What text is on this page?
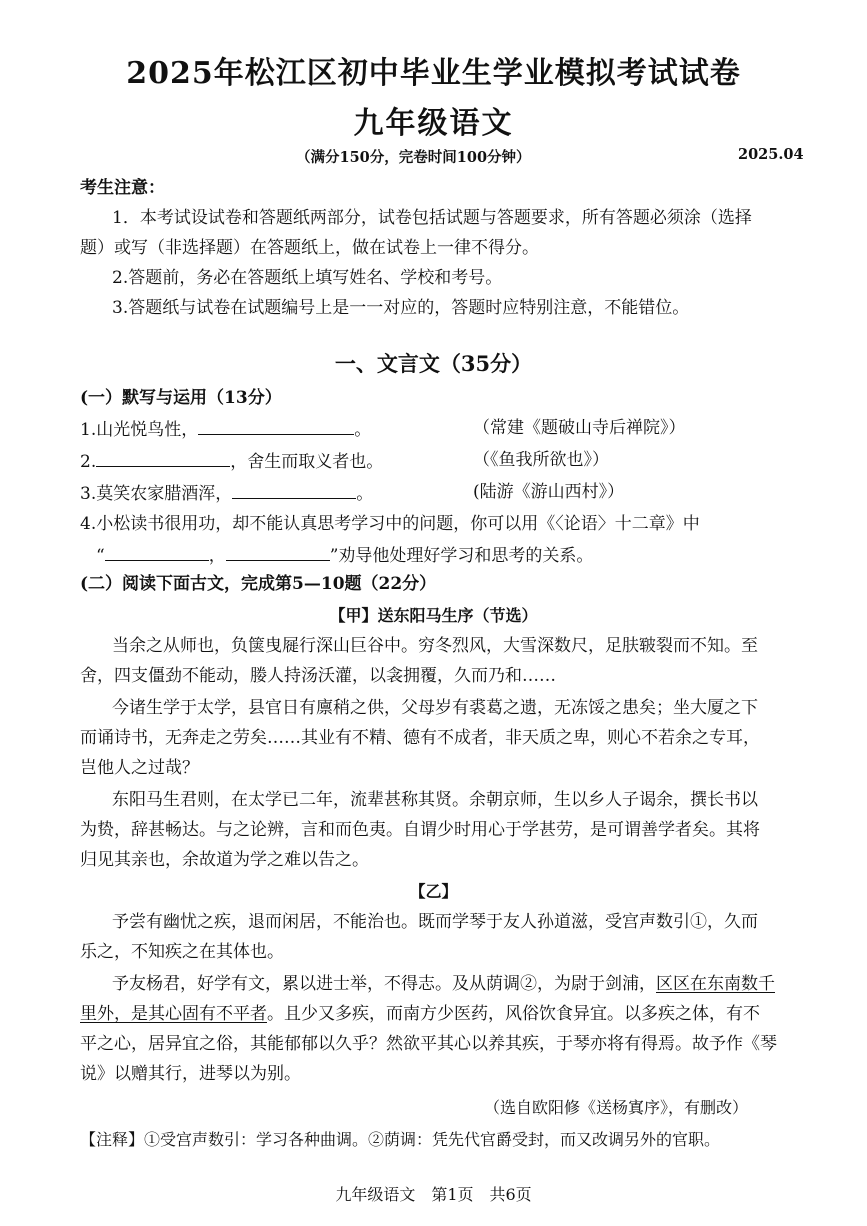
2025年松江区初中毕业生学业模拟考试试卷
九年级语文
（满分150分，完卷时间100分钟）	2025.04
考生注意：
1．本考试设试卷和答题纸两部分，试卷包括试题与答题要求，所有答题必须涂（选择
题）或写（非选择题）在答题纸上，做在试卷上一律不得分。
2.答题前，务必在答题纸上填写姓名、学校和考号。
3.答题纸与试卷在试题编号上是一一对应的，答题时应特别注意，不能错位。
一、文言文（35分）
(一）默写与运用（13分）
1.山光悦鸟性，	。	（常建《题破山寺后禅院》）
2.	，舍生而取义者也。	（《鱼我所欲也》）
3.莫笑农家腊酒浑，	。	(陆游《游山西村》）
4.小松读书很用功，却不能认真思考学习中的问题，你可以用《〈论语〉十二章》中
“	，	”劝导他处理好学习和思考的关系。
(二）阅读下面古文，完成第5—10题（22分）
【甲】送东阳马生序（节选）
当余之从师也，负箧曳屣行深山巨谷中。穷冬烈风，大雪深数尺，足肤皲裂而不知。至
舍，四支僵劲不能动，媵人持汤沃灌，以衾拥覆，久而乃和……
今诸生学于太学，县官日有廪稍之供，父母岁有裘葛之遗，无冻馁之患矣；坐大厦之下
而诵诗书，无奔走之劳矣……其业有不精、德有不成者，非天质之卑，则心不若余之专耳，
岂他人之过哉？
东阳马生君则，在太学已二年，流辈甚称其贤。余朝京师，生以乡人子谒余，撰长书以
为贽，辞甚畅达。与之论辨，言和而色夷。自谓少时用心于学甚劳，是可谓善学者矣。其将
归见其亲也，余故道为学之难以告之。
【乙】
予尝有幽忧之疾，退而闲居，不能治也。既而学琴于友人孙道滋，受宫声数引①，久而
乐之，不知疾之在其体也。
予友杨君，好学有文，累以进士举，不得志。及从荫调②，为尉于剑浦，区区在东南数千
里外，是其心固有不平者。且少又多疾，而南方少医药，风俗饮食异宜。以多疾之体，有不
平之心，居异宜之俗，其能郁郁以久乎？然欲平其心以养其疾，于琴亦将有得焉。故予作《琴
说》以赠其行，进琴以为别。
（选自欧阳修《送杨寘序》，有删改）
【注释】①受宫声数引：学习各种曲调。②荫调：凭先代官爵受封，而又改调另外的官职。
九年级语文　第1页　共6页
